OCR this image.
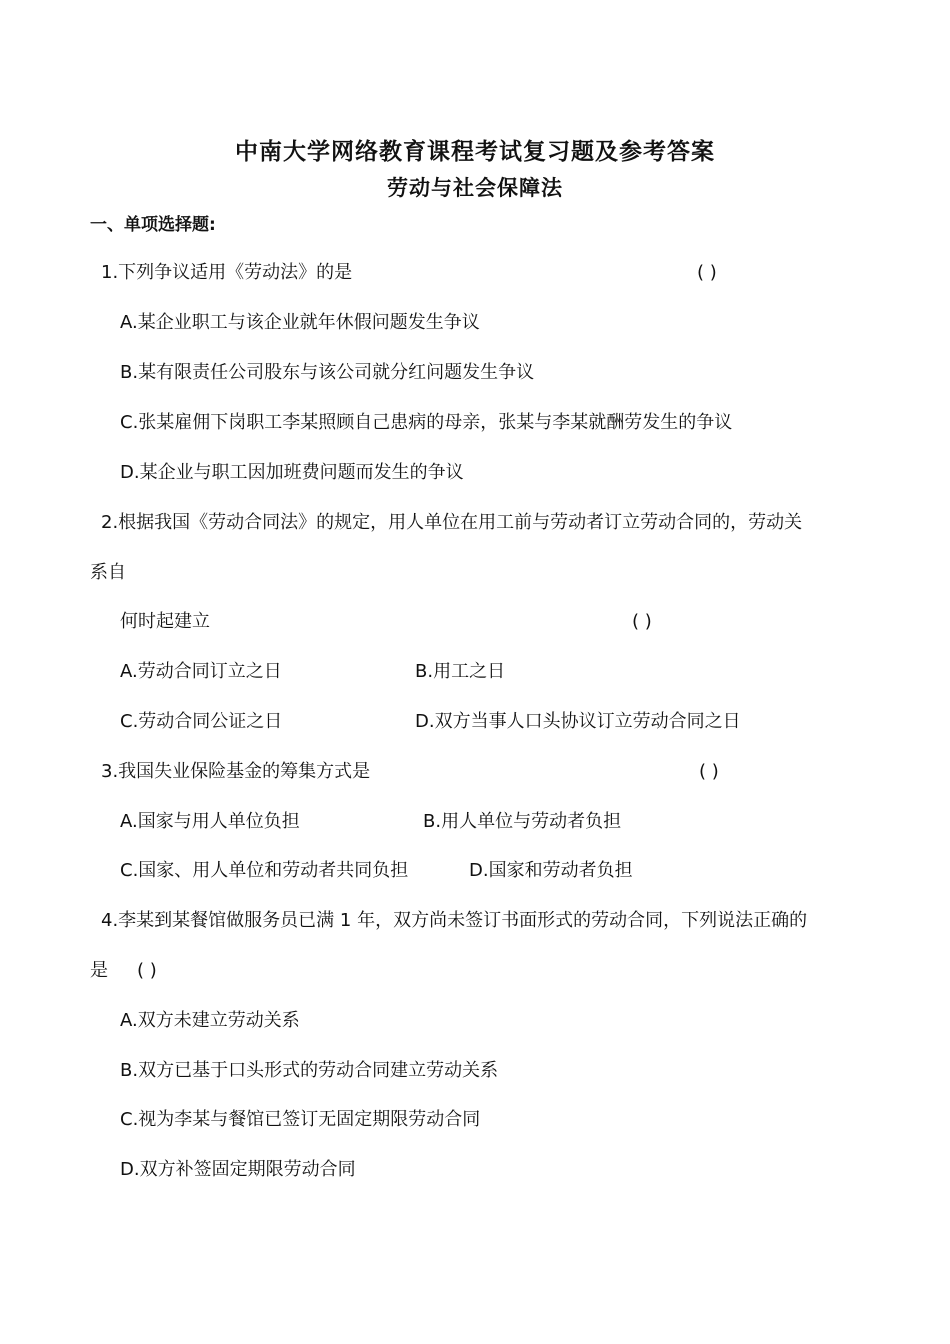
中南大学网络教育课程考试复习题及参考答案
劳动与社会保障法
一、单项选择题:
1.下列争议适用《劳动法》的是	( )
A.某企业职工与该企业就年休假问题发生争议
B.某有限责任公司股东与该公司就分红问题发生争议
C.张某雇佣下岗职工李某照顾自己患病的母亲，张某与李某就酬劳发生的争议
D.某企业与职工因加班费问题而发生的争议
2.根据我国《劳动合同法》的规定，用人单位在用工前与劳动者订立劳动合同的，劳动关
系自
何时起建立	( )
A.劳动合同订立之日	B.用工之日
C.劳动合同公证之日	D.双方当事人口头协议订立劳动合同之日
3.我国失业保险基金的筹集方式是	( )
A.国家与用人单位负担	B.用人单位与劳动者负担
C.国家、用人单位和劳动者共同负担	D.国家和劳动者负担
4.李某到某餐馆做服务员已满 1 年，双方尚未签订书面形式的劳动合同，下列说法正确的
是 ( )
A.双方未建立劳动关系
B.双方已基于口头形式的劳动合同建立劳动关系
C.视为李某与餐馆已签订无固定期限劳动合同
D.双方补签固定期限劳动合同
